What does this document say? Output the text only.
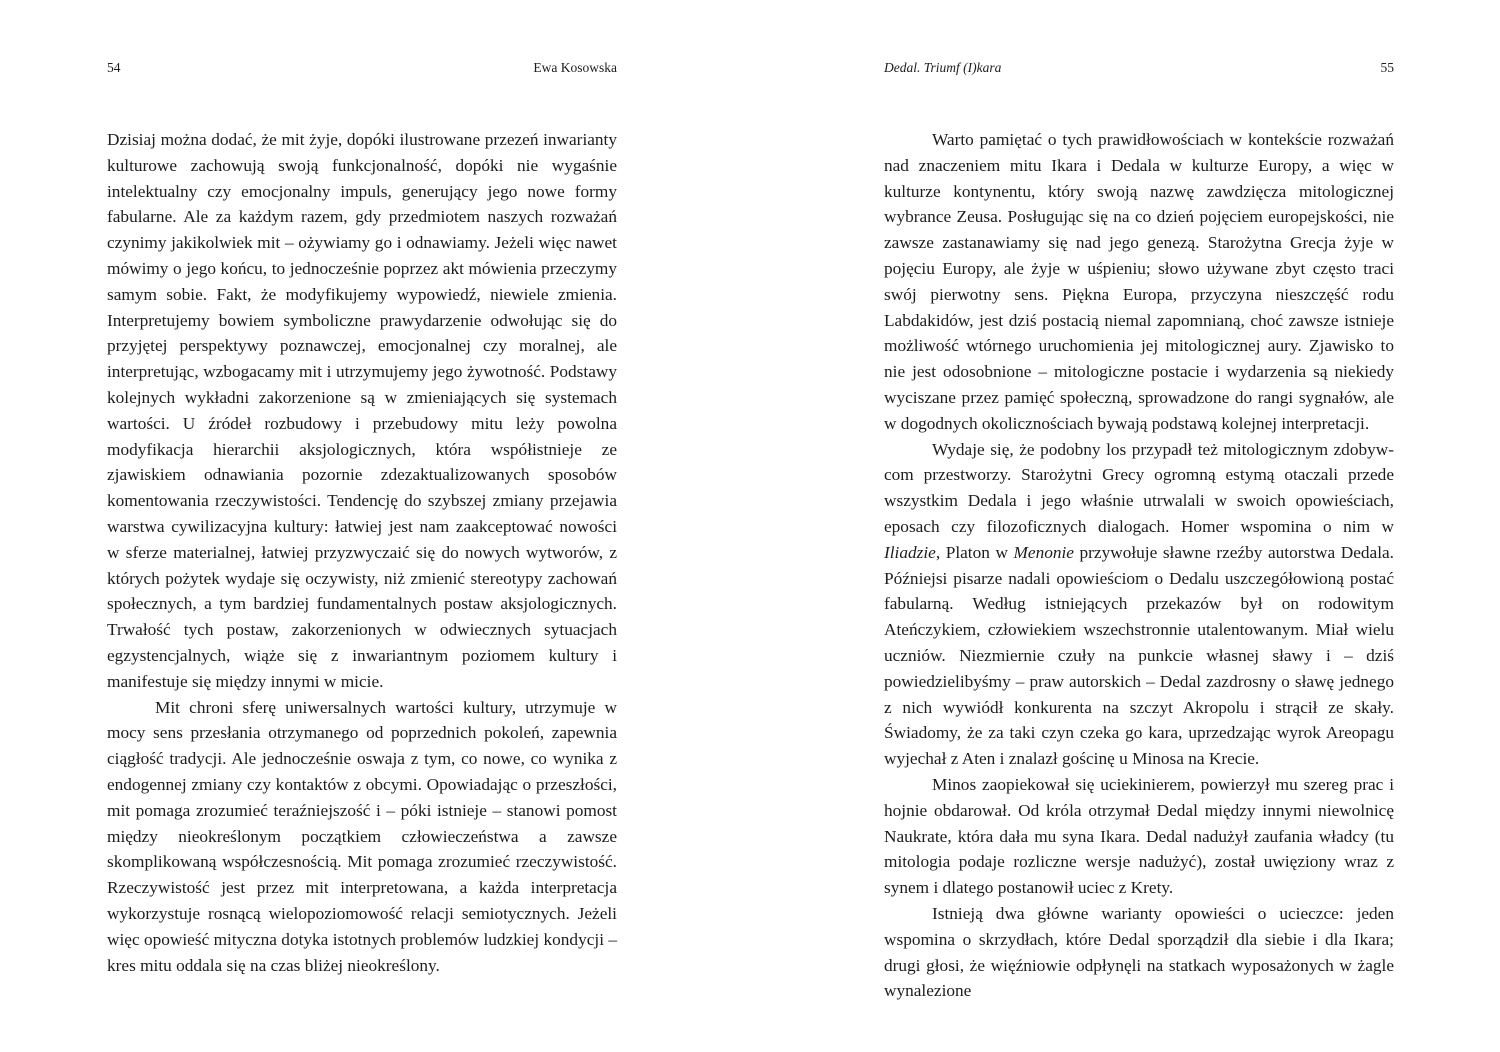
54	Ewa Kosowska

Dzisiaj można dodać, że mit żyje, dopóki ilustrowane przezeń inwarianty kulturowe zachowują swoją funkcjonalność, dopóki nie wygaśnie intelektualny czy emocjonalny impuls, generujący jego nowe formy fabularne. Ale za każdym razem, gdy przedmiotem naszych rozważań czynimy jakikolwiek mit – ożywiamy go i odnawiamy. Jeżeli więc nawet mówimy o jego końcu, to jednocześnie poprzez akt mówienia przeczymy samym sobie. Fakt, że modyfikujemy wypowiedź, niewiele zmienia. Interpretujemy bowiem symboliczne prawydarzenie odwołując się do przyjętej perspektywy poznawczej, emocjonalnej czy moralnej, ale interpretując, wzbogacamy mit i utrzymujemy jego żywotność. Podstawy kolejnych wykładni zakorzenione są w zmieniających się systemach wartości. U źródeł rozbudowy i przebudowy mitu leży powolna modyfikacja hierarchii aksjologicznych, która współistnieje ze zjawiskiem odnawiania pozornie zdezaktualizowanych sposobów komentowania rzeczywistości. Tendencję do szybszej zmiany przejawia warstwa cywilizacyjna kultury: łatwiej jest nam zaakceptować nowości w sferze materialnej, łatwiej przyzwyczaić się do nowych wytworów, z których pożytek wydaje się oczywisty, niż zmienić stereotypy zachowań społecznych, a tym bardziej fundamentalnych postaw aksjologicznych. Trwałość tych postaw, zakorzenionych w odwiecznych sytuacjach egzystencjalnych, wiąże się z inwariantnym poziomem kultury i manifestuje się między innymi w micie.

Mit chroni sferę uniwersalnych wartości kultury, utrzymuje w mocy sens przesłania otrzymanego od poprzednich pokoleń, zapewnia ciągłość tradycji. Ale jednocześnie oswaja z tym, co nowe, co wynika z endogennej zmiany czy kontaktów z obcymi. Opowiadając o przeszłości, mit pomaga zrozumieć teraźniejszość i – póki istnieje – stanowi pomost między nieokreślonym początkiem człowieczeństwa a zawsze skomplikowaną współczesnością. Mit pomaga zrozumieć rzeczywistość. Rzeczywistość jest przez mit interpretowana, a każda interpretacja wykorzystuje rosnącą wielopoziomowość relacji semiotycznych. Jeżeli więc opowieść mityczna dotyka istotnych problemów ludzkiej kondycji – kres mitu oddala się na czas bliżej nieokreślony.

Dedal. Triumf (I)kara	55

Warto pamiętać o tych prawidłowościach w kontekście rozważań nad znaczeniem mitu Ikara i Dedala w kulturze Europy, a więc w kulturze kontynentu, który swoją nazwę zawdzięcza mitologicznej wybrance Zeusa. Posługując się na co dzień pojęciem europejskości, nie zawsze zastanawiamy się nad jego genezą. Starożytna Grecja żyje w pojęciu Europy, ale żyje w uśpieniu; słowo używane zbyt często traci swój pierwotny sens. Piękna Europa, przyczyna nieszczęść rodu Labdakidów, jest dziś postacią niemal zapomnianą, choć zawsze istnieje możliwość wtórnego uruchomienia jej mitologicznej aury. Zjawisko to nie jest odosobnione – mitologiczne postacie i wydarzenia są niekiedy wyciszane przez pamięć społeczną, sprowadzone do rangi sygnałów, ale w dogodnych okolicznościach bywają podstawą kolejnej interpretacji.

Wydaje się, że podobny los przypadł też mitologicznym zdobywcom przestworzy. Starożytni Grecy ogromną estymą otaczali przede wszystkim Dedala i jego właśnie utrwalali w swoich opowieściach, eposach czy filozoficznych dialogach. Homer wspomina o nim w Iliadzie, Platon w Menonie przywołuje sławne rzeźby autorstwa Dedala. Późniejsi pisarze nadali opowieściom o Dedalu uszczegółowioną postać fabularną. Według istniejących przekazów był on rodowitym Ateńczykiem, człowiekiem wszechstronnie utalentowanym. Miał wielu uczniów. Niezmiernie czuły na punkcie własnej sławy i – dziś powiedzielibyśmy – praw autorskich – Dedal zazdrosny o sławę jednego z nich wywiódł konkurenta na szczyt Akropolu i strącił ze skały. Świadomy, że za taki czyn czeka go kara, uprzedzając wyrok Areopagu wyjechał z Aten i znalazł gościnę u Minosa na Krecie.

Minos zaopiekował się uciekinierem, powierzył mu szereg prac i hojnie obdarował. Od króla otrzymał Dedal między innymi niewolnicę Naukrate, która dała mu syna Ikara. Dedal nadużył zaufania władcy (tu mitologia podaje rozliczne wersje nadużyć), został uwięziony wraz z synem i dlatego postanowił uciec z Krety.

Istnieją dwa główne warianty opowieści o ucieczce: jeden wspomina o skrzydłach, które Dedal sporządził dla siebie i dla Ikara; drugi głosi, że więźniowie odpłynęli na statkach wyposażonych w żagle wynalezione
